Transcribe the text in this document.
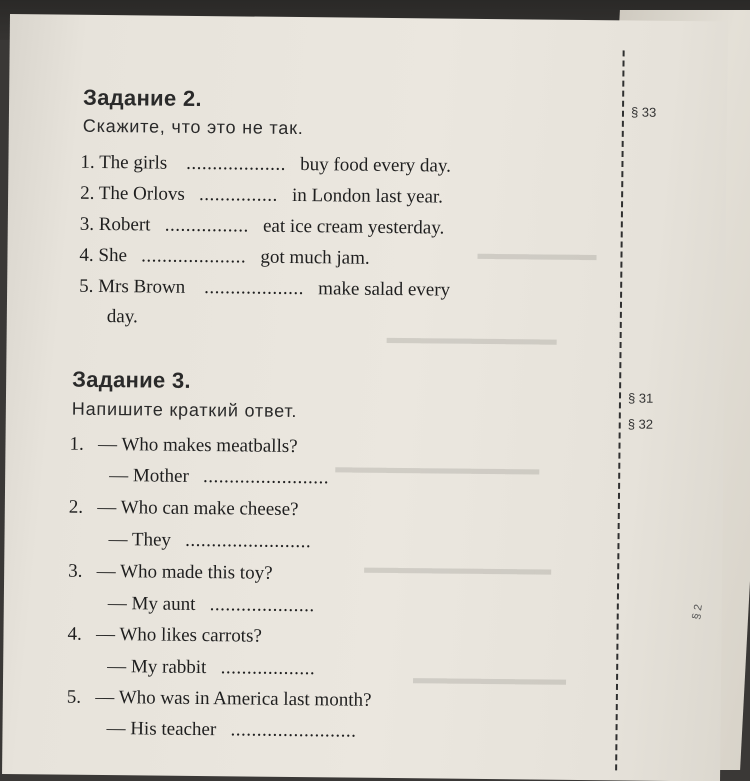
▬▬▬▬▬▬▬
▬▬▬▬▬▬▬▬▬▬
▬▬▬▬▬▬▬▬▬▬▬▬
▬▬▬▬▬▬▬▬▬▬▬
▬▬▬▬▬▬▬▬▬
Задание 2.
Скажите, что это не так.
§ 33
1. The girls ................... buy food every day.
2. The Orlovs ............... in London last year.
3. Robert ................ eat ice cream yesterday.
4. She .................... got much jam.
5. Mrs Brown ................... make salad every
day.
Задание 3.
Напишите краткий ответ.
§ 31
§ 32
1. — Who makes meatballs?
— Mother ........................
2. — Who can make cheese?
— They ........................
3. — Who made this toy?
— My aunt ....................
4. — Who likes carrots?
— My rabbit ..................
5. — Who was in America last month?
— His teacher ........................
§ 2
